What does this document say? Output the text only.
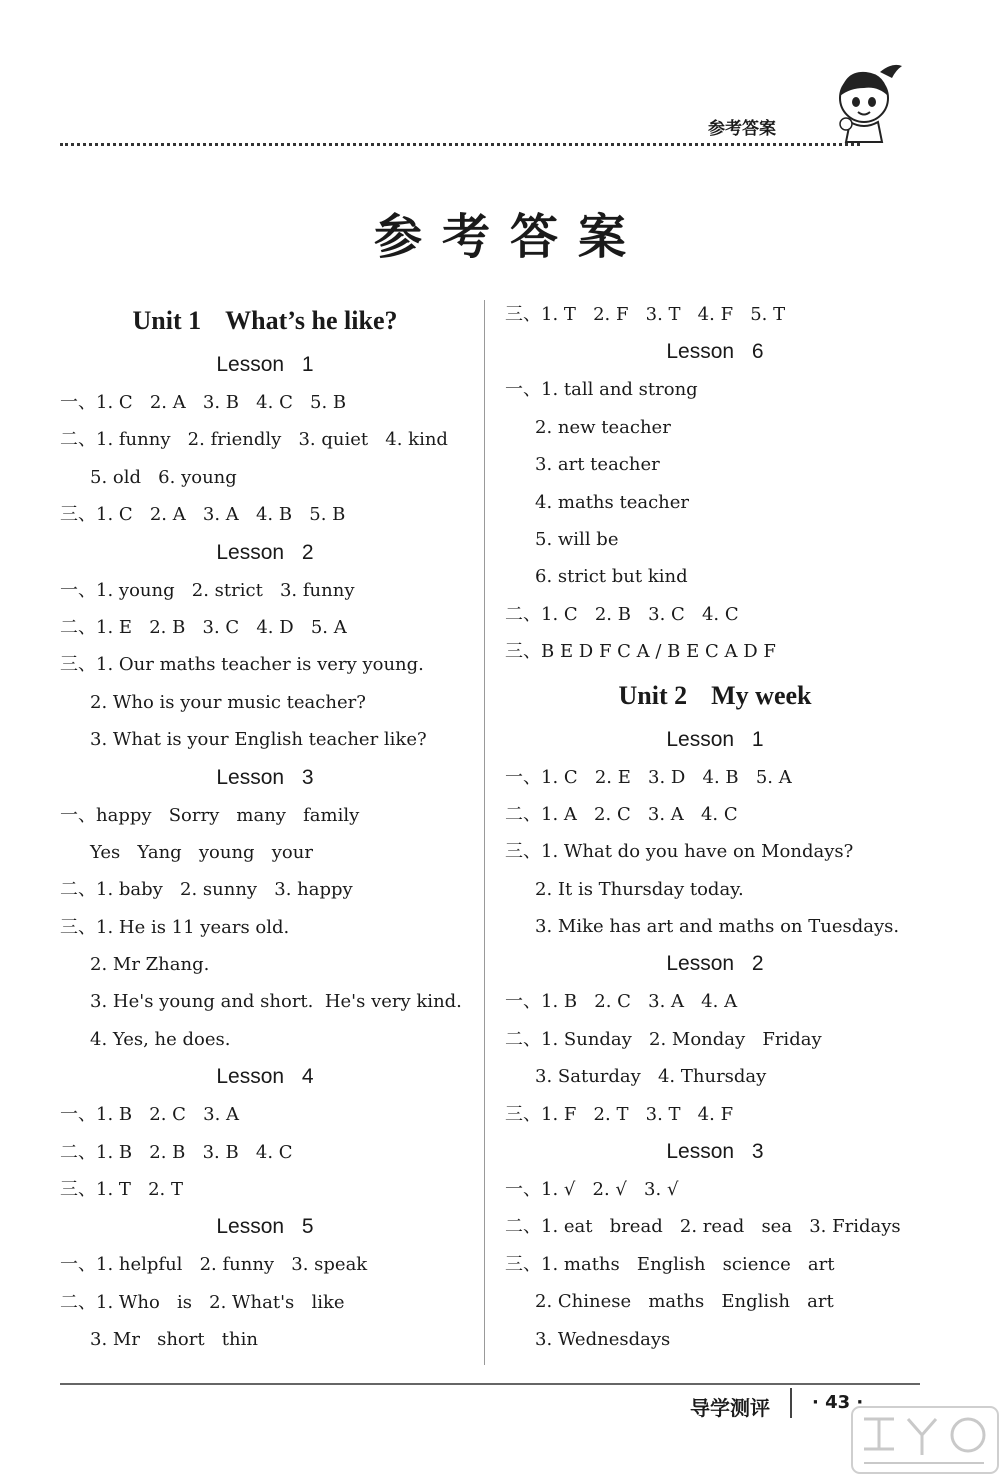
参考答案
参考答案
Unit 1 What’s he like?
Lesson 1
一、1. C   2. A   3. B   4. C   5. B
二、1. funny   2. friendly   3. quiet   4. kind
5. old   6. young
三、1. C   2. A   3. A   4. B   5. B
Lesson 2
一、1. young   2. strict   3. funny
二、1. E   2. B   3. C   4. D   5. A
三、1. Our maths teacher is very young.
2. Who is your music teacher?
3. What is your English teacher like?
Lesson 3
一、happy   Sorry   many   family
Yes   Yang   young   your
二、1. baby   2. sunny   3. happy
三、1. He is 11 years old.
2. Mr Zhang.
3. He's young and short.  He's very kind.
4. Yes, he does.
Lesson 4
一、1. B   2. C   3. A
二、1. B   2. B   3. B   4. C
三、1. T   2. T
Lesson 5
一、1. helpful   2. funny   3. speak
二、1. Who   is   2. What's   like
3. Mr   short   thin
三、1. T   2. F   3. T   4. F   5. T
Lesson 6
一、1. tall and strong
2. new teacher
3. art teacher
4. maths teacher
5. will be
6. strict but kind
二、1. C   2. B   3. C   4. C
三、B E D F C A / B E C A D F
Unit 2 My week
Lesson 1
一、1. C   2. E   3. D   4. B   5. A
二、1. A   2. C   3. A   4. C
三、1. What do you have on Mondays?
2. It is Thursday today.
3. Mike has art and maths on Tuesdays.
Lesson 2
一、1. B   2. C   3. A   4. A
二、1. Sunday   2. Monday   Friday
3. Saturday   4. Thursday
三、1. F   2. T   3. T   4. F
Lesson 3
一、1. √   2. √   3. √
二、1. eat   bread   2. read   sea   3. Fridays
三、1. maths   English   science   art
2. Chinese   maths   English   art
3. Wednesdays
导学测评 · 43 ·
